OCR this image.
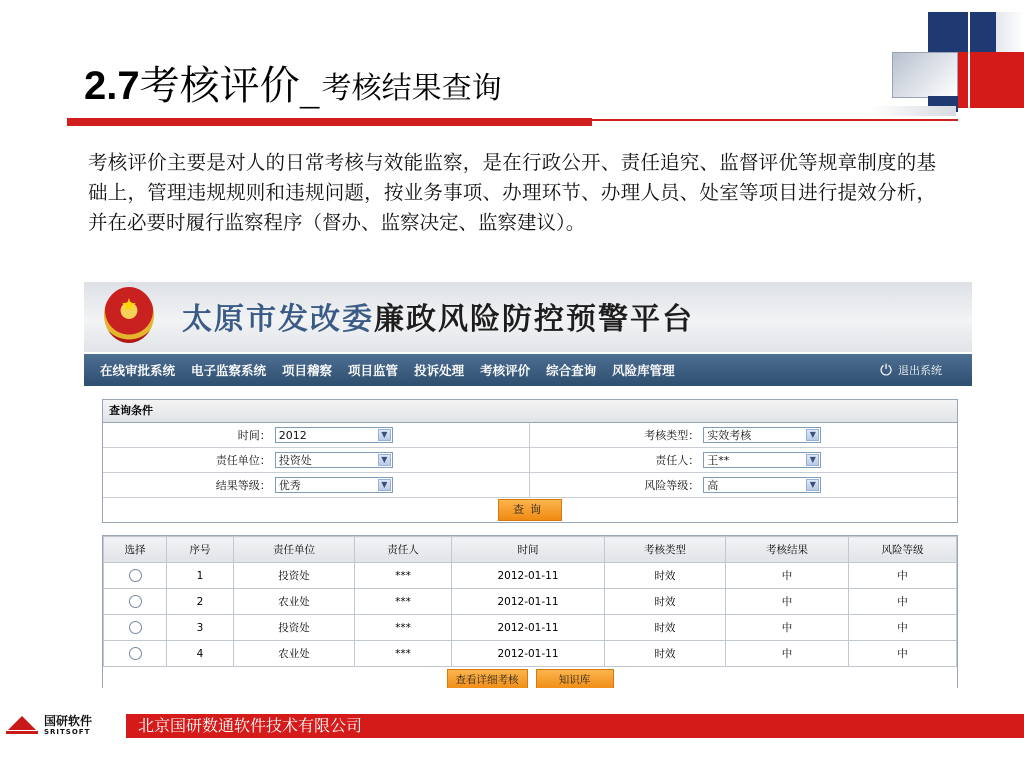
2.7 考核评价_ 考核结果查询
考核评价主要是对人的日常考核与效能监察，是在行政公开、责任追究、监督评优等规章制度的基础上，管理违规规则和违规问题，按业务事项、办理环节、办理人员、处室等项目进行提效分析，并在必要时履行监察程序（督办、监察决定、监察建议）。
★	太原市发改委 廉政风险防控预警平台
在线审批系统 电子监察系统 项目稽察 项目监管 投诉处理 考核评价 综合查询 风险库管理	⏻ 退出系统
查询条件
时间： 2012	▼	考核类型： 实效考核	▼
责任单位： 投资处	▼	责任人： 王**	▼
结果等级： 优秀	▼	风险等级： 高	▼
查询
选择	序号	责任单位	责任人	时间	考核类型	考核结果	风险等级
	1	投资处	***	2012-01-11	时效	中	中
	2	农业处	***	2012-01-11	时效	中	中
	3	投资处	***	2012-01-11	时效	中	中
	4	农业处	***	2012-01-11	时效	中	中
查看详细考核	知识库
国研软件
SRITSOFT	北京国研数通软件技术有限公司
